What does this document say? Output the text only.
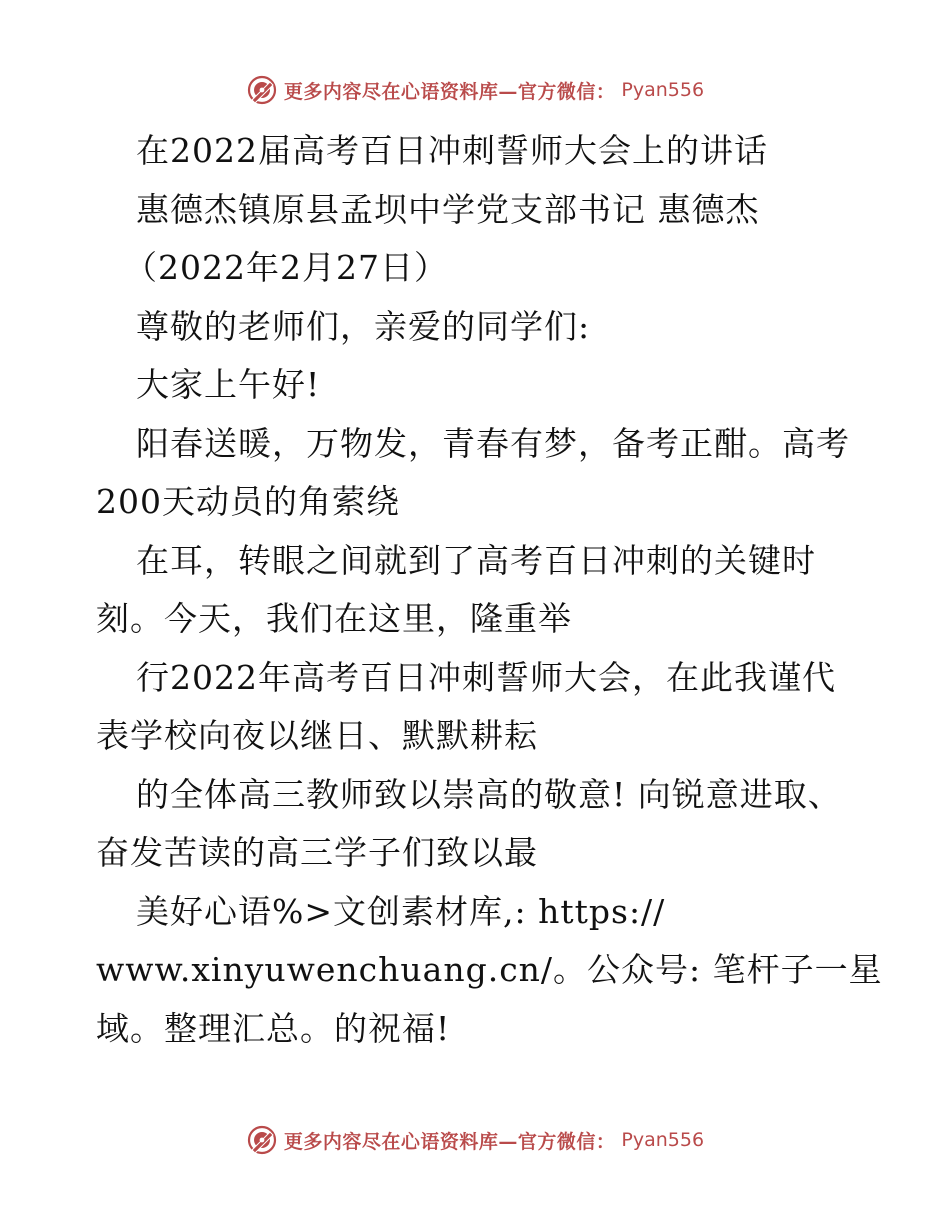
更多内容尽在心语资料库—官方微信： Pyan556
在2022届高考百日冲刺誓师大会上的讲话
惠德杰镇原县孟坝中学党支部书记 惠德杰
（2022年2月27日）
尊敬的老师们，亲爱的同学们:
大家上午好!
阳春送暖，万物发，青春有梦，备考正酣。高考
200天动员的角萦绕
在耳，转眼之间就到了高考百日冲刺的关键时
刻。今天，我们在这里，隆重举
行2022年高考百日冲刺誓师大会，在此我谨代
表学校向夜以继日、默默耕耘
的全体高三教师致以崇高的敬意! 向锐意进取、
奋发苦读的高三学子们致以最
美好心语%>文创素材库,: https://
www.xinyuwenchuang.cn/。公众号: 笔杆子一星
域。整理汇总。的祝福!
更多内容尽在心语资料库—官方微信： Pyan556
